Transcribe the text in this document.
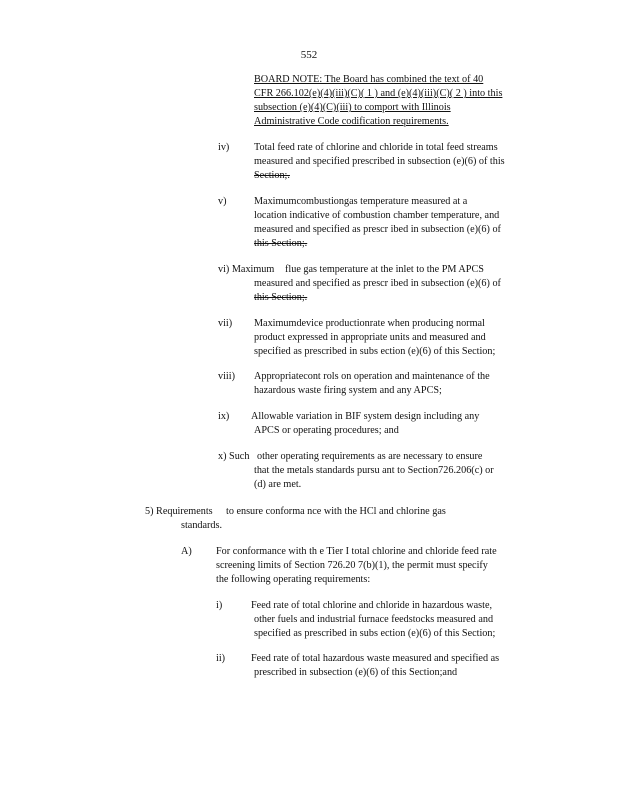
552
BOARD NOTE: The Board has combined the text of 40
CFR 266.102(e)(4)(iii)(C)( 1 ) and (e)(4)(iii)(C)( 2 ) into this
subsection (e)(4)(C)(iii) to comport with Illinois
Administrative Code codification requirements.
iv) Total feed rate of chlorine and chloride in total feed streams
measured and specified prescribed in subsection (e)(6) of this
Section;.
v)	Maximumcombustiongas temperature measured at a
location indicative of combustion chamber temperature, and
measured and specified as prescr ibed in subsection (e)(6) of
this Section;.
vi) Maximum flue gas temperature at the inlet to the PM APCS
measured and specified as prescr ibed in subsection (e)(6) of
this Section;.
vii) Maximumdevice productionrate when producing normal
product expressed in appropriate units and measured and
specified as prescribed in subs ection (e)(6) of this Section;
viii) Appropriatecont rols on operation and maintenance of the
hazardous waste firing system and any APCS;
ix) Allowable variation in BIF system design including any
APCS or operating procedures; and
x) Such other operating requirements as are necessary to ensure
that the metals standards pursu ant to Section726.206(c) or
(d) are met.
5) Requirements to ensure conforma nce with the HCl and chlorine gas
standards.
A) For conformance with th e Tier I total chlorine and chloride feed rate
screening limits of Section 726.20 7(b)(1), the permit must specify
the following operating requirements:
i)	Feed rate of total chlorine and chloride in hazardous waste,
other fuels and industrial furnace feedstocks measured and
specified as prescribed in subs ection (e)(6) of this Section;
ii)	Feed rate of total hazardous waste measured and specified as
prescribed in subsection (e)(6) of this Section;and
